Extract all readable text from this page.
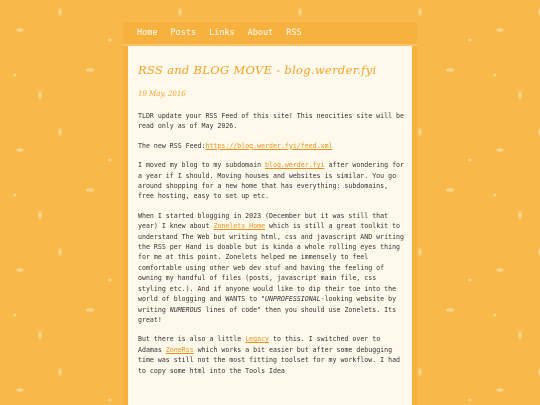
Home Posts Links About RSS
RSS and BLOG MOVE - blog.werder.fyi
19 May, 2016

TLDR update your RSS Feed of this site! This neocities site will be read only as of May 2026.

The new RSS Feed:https://blog.werder.fyi/feed.xml

I moved my blog to my subdomain blog.werder.fyi after wondering for a year if I should. Moving houses and websites is similar. You go around shopping for a new home that has everything: subdomains, free hosting, easy to set up etc.

When I started blogging in 2023 (December but it was still that year) I knew about Zonelets Home which is still a great toolkit to understand The Web but writing html, css and javascript AND writing the RSS per Hand is doable but is kinda a whole rolling eyes thing for me at this point. Zonelets helped me immensely to feel comfortable using other web dev stuf and having the feeling of owning my handful of files (posts, javascript main file, css styling etc.). And if anyone would like to dip their toe into the world of blogging and WANTS to "UNPROFESSIONAL-looking website by writing NUMEROUS lines of code" then you should use Zonelets. Its great!

But there is also a little Legacy to this. I switched over to Adamas ZoneRss which works a bit easier but after some debugging time was still not the most fitting toolset for my workflow. I had to copy some html into the Tools Idea
